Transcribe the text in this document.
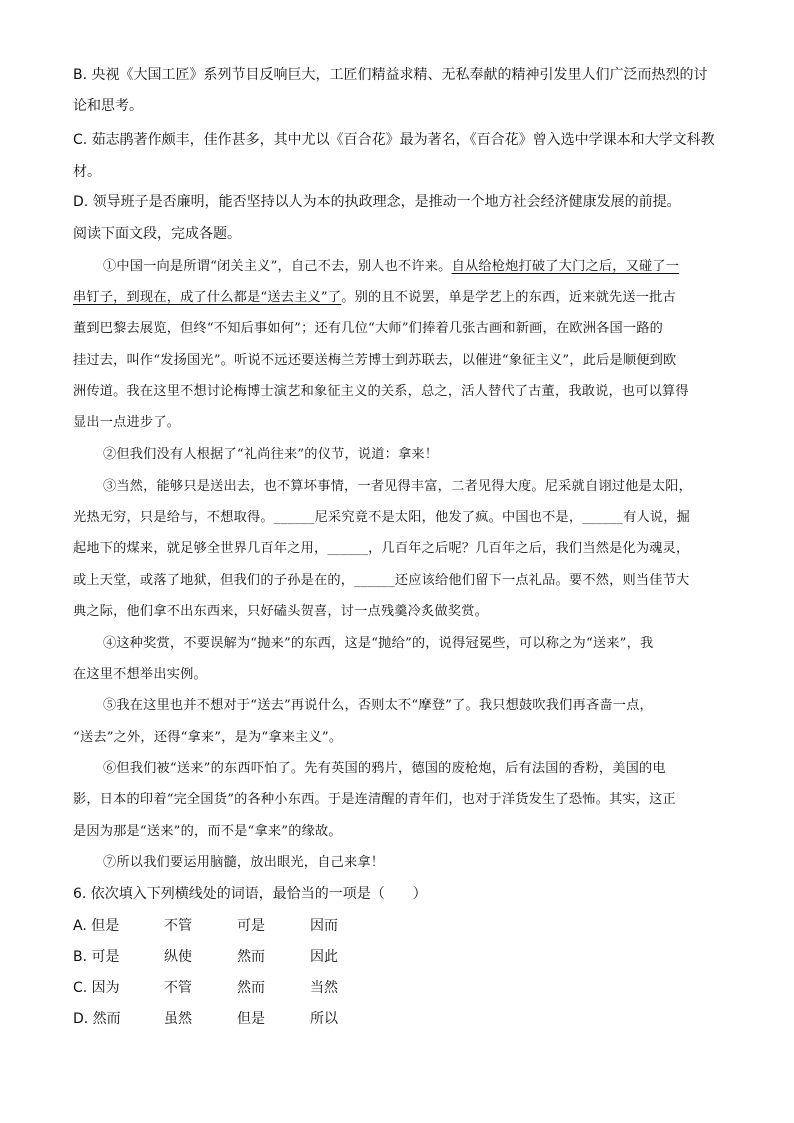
B. 央视《大国工匠》系列节目反响巨大，工匠们精益求精、无私奉献的精神引发里人们广泛而热烈的讨
论和思考。
C. 茹志鹃著作颇丰，佳作甚多，其中尤以《百合花》最为著名，《百合花》曾入选中学课本和大学文科教
材。
D. 领导班子是否廉明，能否坚持以人为本的执政理念，是推动一个地方社会经济健康发展的前提。
阅读下面文段，完成各题。
①中国一向是所谓“闭关主义”，自己不去，别人也不许来。自从给枪炮打破了大门之后，又碰了一
串钉子，到现在，成了什么都是“送去主义”了。别的且不说罢，单是学艺上的东西，近来就先送一批古
董到巴黎去展览，但终“不知后事如何”；还有几位“大师”们捧着几张古画和新画，在欧洲各国一路的
挂过去，叫作“发扬国光”。听说不远还要送梅兰芳博士到苏联去，以催进“象征主义”，此后是顺便到欧
洲传道。我在这里不想讨论梅博士演艺和象征主义的关系，总之，活人替代了古董，我敢说，也可以算得
显出一点进步了。
②但我们没有人根据了“礼尚往来”的仪节，说道：拿来！
③当然，能够只是送出去，也不算坏事情，一者见得丰富，二者见得大度。尼采就自诩过他是太阳，
光热无穷，只是给与，不想取得。______尼采究竟不是太阳，他发了疯。中国也不是，______有人说，掘
起地下的煤来，就足够全世界几百年之用，______，几百年之后呢？几百年之后，我们当然是化为魂灵，
或上天堂，或落了地狱，但我们的子孙是在的，______还应该给他们留下一点礼品。要不然，则当佳节大
典之际，他们拿不出东西来，只好磕头贺喜，讨一点残羹冷炙做奖赏。
④这种奖赏，不要误解为“抛来”的东西，这是“抛给”的，说得冠冕些，可以称之为“送来”，我
在这里不想举出实例。
⑤我在这里也并不想对于“送去”再说什么，否则太不“摩登”了。我只想鼓吹我们再吝啬一点，
“送去”之外，还得“拿来”，是为“拿来主义”。
⑥但我们被“送来”的东西吓怕了。先有英国的鸦片，德国的废枪炮，后有法国的香粉，美国的电
影，日本的印着“完全国货”的各种小东西。于是连清醒的青年们，也对于洋货发生了恐怖。其实，这正
是因为那是“送来”的，而不是“拿来”的缘故。
⑦所以我们要运用脑髓，放出眼光，自己来拿！
6. 依次填入下列横线处的词语，最恰当的一项是（　　）
A. 但是	不管	可是	因而
B. 可是	纵使	然而	因此
C. 因为	不管	然而	当然
D. 然而	虽然	但是	所以
